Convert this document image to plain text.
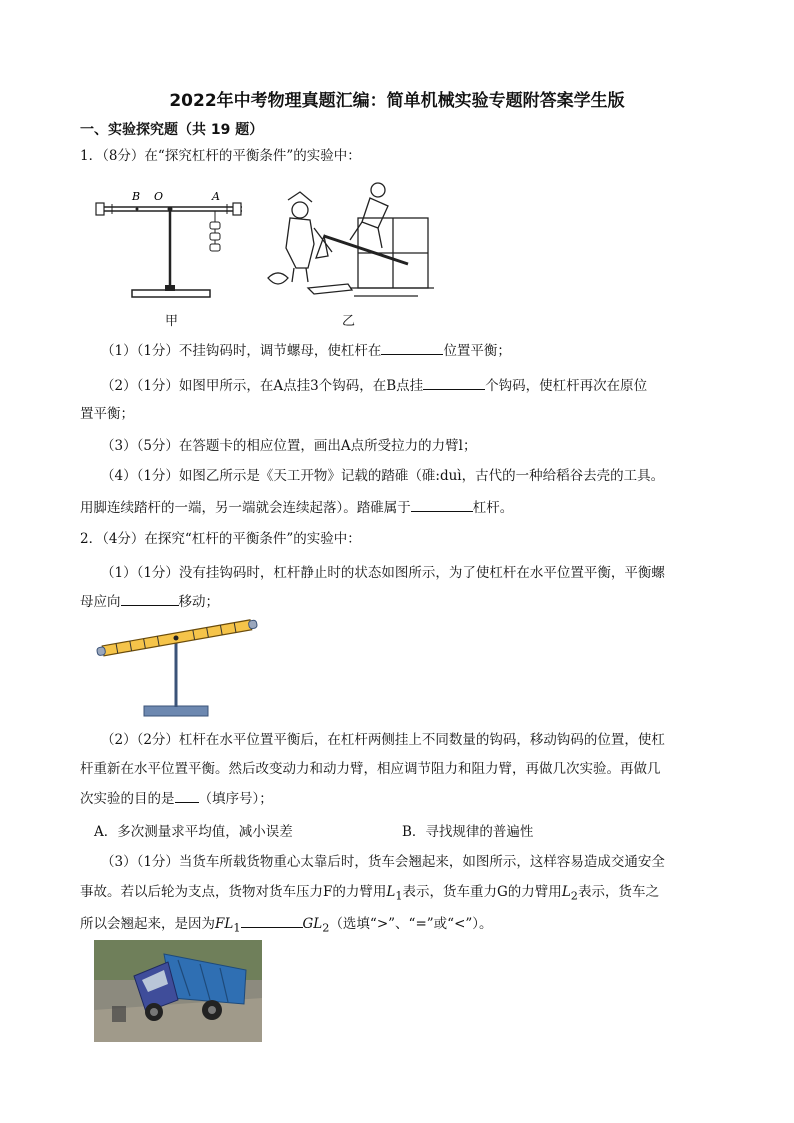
2022年中考物理真题汇编：简单机械实验专题附答案学生版
一、实验探究题（共 19 题）
1．（8分）在“探究杠杆的平衡条件”的实验中：
B O	A
甲	乙
（1）（1分）不挂钩码时，调节螺母，使杠杆在	位置平衡；
（2）（1分）如图甲所示，在A点挂3个钩码，在B点挂	个钩码，使杠杆再次在原位
置平衡；
（3）（5分）在答题卡的相应位置，画出A点所受拉力的力臂l；
（4）（1分）如图乙所示是《天工开物》记载的踏碓（碓:duì，古代的一种给稻谷去壳的工具。
用脚连续踏杆的一端，另一端就会连续起落）。踏碓属于	杠杆。
2．（4分）在探究“杠杆的平衡条件”的实验中：
（1）（1分）没有挂钩码时，杠杆静止时的状态如图所示，为了使杠杆在水平位置平衡，平衡螺
母应向	移动；
（2）（2分）杠杆在水平位置平衡后，在杠杆两侧挂上不同数量的钩码，移动钩码的位置，使杠
杆重新在水平位置平衡。然后改变动力和动力臂，相应调节阻力和阻力臂，再做几次实验。再做几
次实验的目的是 （填序号）；
A．多次测量求平均值，减小误差	B．寻找规律的普遍性
（3）（1分）当货车所载货物重心太靠后时，货车会翘起来，如图所示，这样容易造成交通安全
事故。若以后轮为支点，货物对货车压力F的力臂用$L_1$表示，货车重力G的力臂用$L_2$表示，货车之
所以会翘起来，是因为$FL_1$	$GL_2$（选填“>”、“=”或“<”）。
